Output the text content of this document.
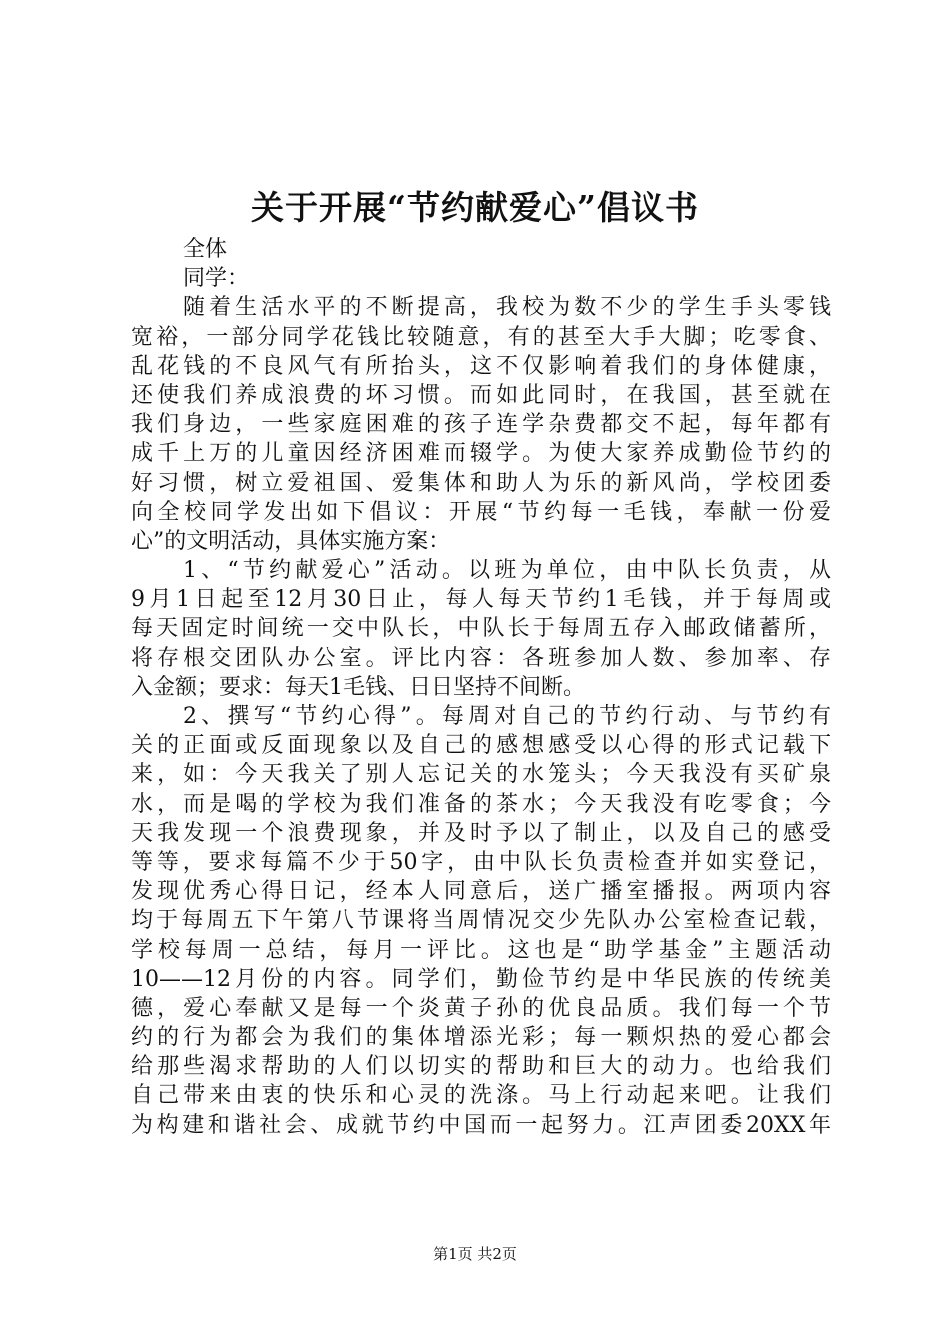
关于开展“节约献爱心”倡议书
全体
同学：
随着生活水平的不断提高，我校为数不少的学生手头零钱
宽裕，一部分同学花钱比较随意，有的甚至大手大脚；吃零食、
乱花钱的不良风气有所抬头，这不仅影响着我们的身体健康，
还使我们养成浪费的坏习惯。而如此同时，在我国，甚至就在
我们身边，一些家庭困难的孩子连学杂费都交不起，每年都有
成千上万的儿童因经济困难而辍学。为使大家养成勤俭节约的
好习惯，树立爱祖国、爱集体和助人为乐的新风尚，学校团委
向全校同学发出如下倡议：开展“节约每一毛钱，奉献一份爱
心”的文明活动，具体实施方案：
1、“节约献爱心”活动。以班为单位，由中队长负责，从
9月1日起至12月30日止，每人每天节约1毛钱，并于每周或
每天固定时间统一交中队长，中队长于每周五存入邮政储蓄所，
将存根交团队办公室。评比内容：各班参加人数、参加率、存
入金额；要求：每天1毛钱、日日坚持不间断。
2、撰写“节约心得”。每周对自己的节约行动、与节约有
关的正面或反面现象以及自己的感想感受以心得的形式记载下
来，如：今天我关了别人忘记关的水笼头；今天我没有买矿泉
水，而是喝的学校为我们准备的茶水；今天我没有吃零食；今
天我发现一个浪费现象，并及时予以了制止，以及自己的感受
等等，要求每篇不少于50字，由中队长负责检查并如实登记，
发现优秀心得日记，经本人同意后，送广播室播报。两项内容
均于每周五下午第八节课将当周情况交少先队办公室检查记载，
学校每周一总结，每月一评比。这也是“助学基金”主题活动
10——12月份的内容。同学们，勤俭节约是中华民族的传统美
德，爱心奉献又是每一个炎黄子孙的优良品质。我们每一个节
约的行为都会为我们的集体增添光彩；每一颗炽热的爱心都会
给那些渴求帮助的人们以切实的帮助和巨大的动力。也给我们
自己带来由衷的快乐和心灵的洗涤。马上行动起来吧。让我们
为构建和谐社会、成就节约中国而一起努力。江声团委20XX年
第1页 共2页
